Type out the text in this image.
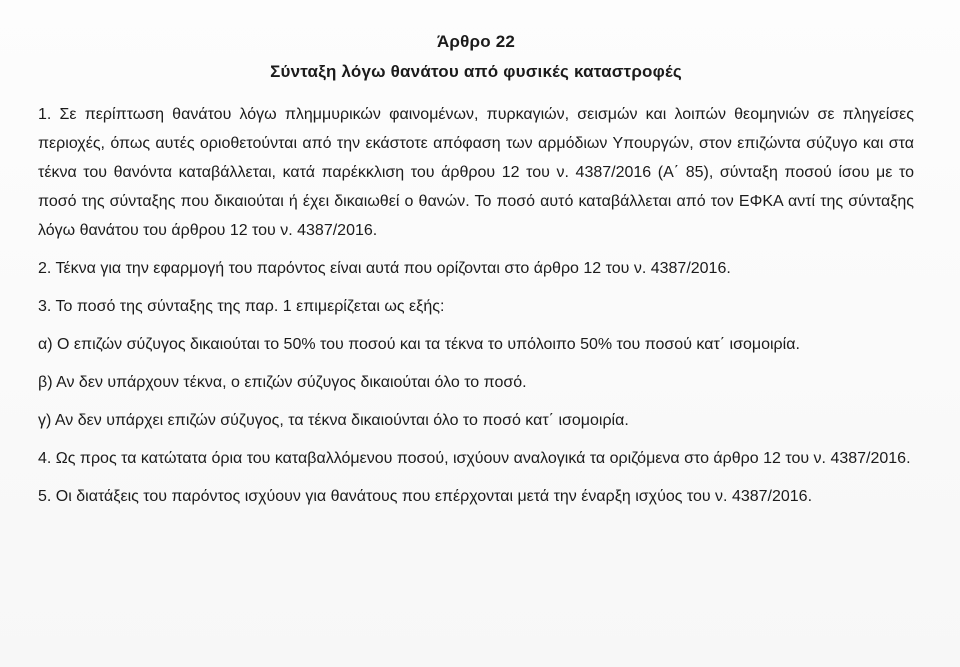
Άρθρο 22
Σύνταξη λόγω θανάτου από φυσικές καταστροφές

1. Σε περίπτωση θανάτου λόγω πλημμυρικών φαινομένων, πυρκαγιών, σεισμών και λοιπών θεομηνιών σε πληγείσες περιοχές, όπως αυτές οριοθετούνται από την εκάστοτε απόφαση των αρμόδιων Υπουργών, στον επιζώντα σύζυγο και στα τέκνα του θανόντα καταβάλλεται, κατά παρέκκλιση του άρθρου 12 του ν. 4387/2016 (Α΄ 85), σύνταξη ποσού ίσου με το ποσό της σύνταξης που δικαιούται ή έχει δικαιωθεί ο θανών. Το ποσό αυτό καταβάλλεται από τον ΕΦΚΑ αντί της σύνταξης λόγω θανάτου του άρθρου 12 του ν. 4387/2016.

2. Τέκνα για την εφαρμογή του παρόντος είναι αυτά που ορίζονται στο άρθρο 12 του ν. 4387/2016.

3. Το ποσό της σύνταξης της παρ. 1 επιμερίζεται ως εξής:

α) Ο επιζών σύζυγος δικαιούται το 50% του ποσού και τα τέκνα το υπόλοιπο 50% του ποσού κατ΄ ισομοιρία.

β) Αν δεν υπάρχουν τέκνα, ο επιζών σύζυγος δικαιούται όλο το ποσό.

γ) Αν δεν υπάρχει επιζών σύζυγος, τα τέκνα δικαιούνται όλο το ποσό κατ΄ ισομοιρία.

4. Ως προς τα κατώτατα όρια του καταβαλλόμενου ποσού, ισχύουν αναλογικά τα οριζόμενα στο άρθρο 12 του ν. 4387/2016.

5. Οι διατάξεις του παρόντος ισχύουν για θανάτους που επέρχονται μετά την έναρξη ισχύος του ν. 4387/2016.
